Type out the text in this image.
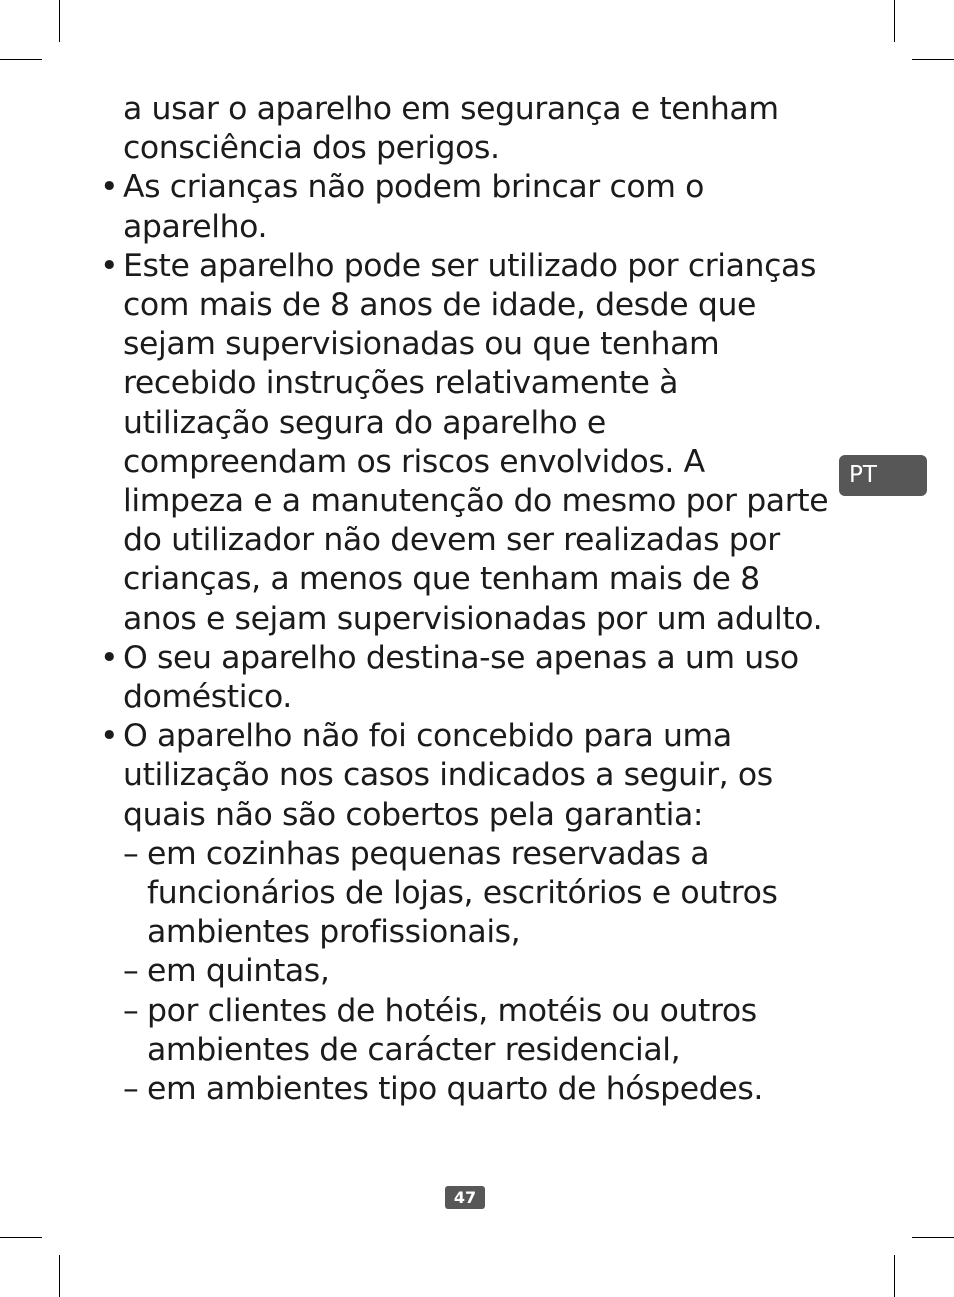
a usar o aparelho em segurança e tenham consciência dos perigos.
• As crianças não podem brincar com o aparelho.
• Este aparelho pode ser utilizado por crianças com mais de 8 anos de idade, desde que sejam supervisionadas ou que tenham recebido instruções relativamente à utilização segura do aparelho e compreendam os riscos envolvidos. A limpeza e a manutenção do mesmo por parte do utilizador não devem ser realizadas por crianças, a menos que tenham mais de 8 anos e sejam supervisionadas por um adulto.
• O seu aparelho destina-se apenas a um uso doméstico.
• O aparelho não foi concebido para uma utilização nos casos indicados a seguir, os quais não são cobertos pela garantia:
– em cozinhas pequenas reservadas a funcionários de lojas, escritórios e outros ambientes profissionais,
– em quintas,
– por clientes de hotéis, motéis ou outros ambientes de carácter residencial,
– em ambientes tipo quarto de hóspedes.
PT
47
